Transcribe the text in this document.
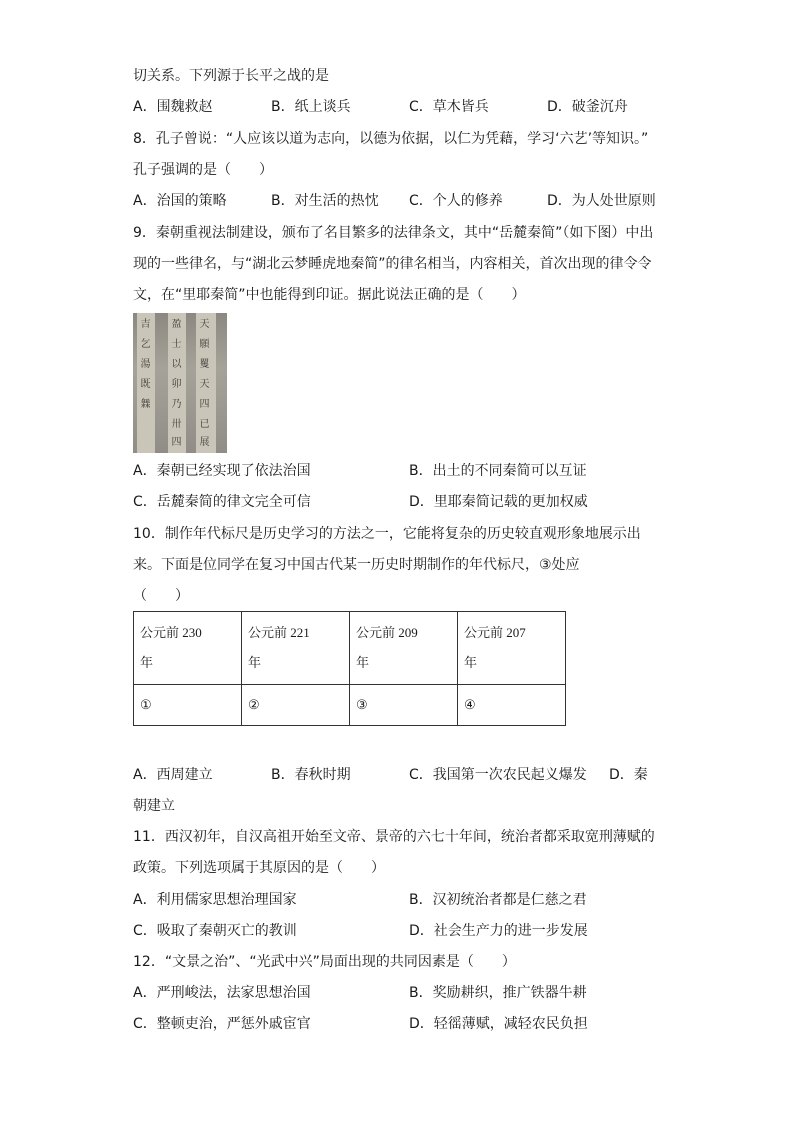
切关系。下列源于长平之战的是
A．围魏救赵	B．纸上谈兵	C．草木皆兵	D．破釜沉舟
8．孔子曾说：“人应该以道为志向，以德为依据，以仁为凭藉，学习‘六艺’等知识。”
孔子强调的是（　　）
A．治国的策略	B．对生活的热忱 C．个人的修养	D．为人处世原则
9．秦朝重视法制建设，颁布了名目繁多的法律条文，其中“岳麓秦简”（如下图）中出
现的一些律名，与“湖北云梦睡虎地秦简”的律名相当，内容相关，首次出现的律令令
文，在“里耶秦简”中也能得到印证。据此说法正确的是（　　）
吉
乞
湯
既
橆
盈
士
以
卯
乃
卅
四
天
願
矍
天
四
已
展
A．秦朝已经实现了依法治国	B．出土的不同秦简可以互证
C．岳麓秦简的律文完全可信	D．里耶秦简记载的更加权威
10．制作年代标尺是历史学习的方法之一，它能将复杂的历史较直观形象地展示出
来。下面是位同学在复习中国古代某一历史时期制作的年代标尺，③处应
（　　）
公元前 230
年	公元前 221
年	公元前 209
年	公元前 207
年
①	②	③	④
A．西周建立	B．春秋时期	C．我国第一次农民起义爆发 D．秦
朝建立
11．西汉初年，自汉高祖开始至文帝、景帝的六七十年间，统治者都采取宽刑薄赋的
政策。下列选项属于其原因的是（　　）
A．利用儒家思想治理国家	B．汉初统治者都是仁慈之君
C．吸取了秦朝灭亡的教训	D．社会生产力的进一步发展
12．“文景之治”、“光武中兴”局面出现的共同因素是（　　）
A．严刑峻法，法家思想治国	B．奖励耕织，推广铁器牛耕
C．整顿吏治，严惩外戚宦官	D．轻徭薄赋，减轻农民负担
